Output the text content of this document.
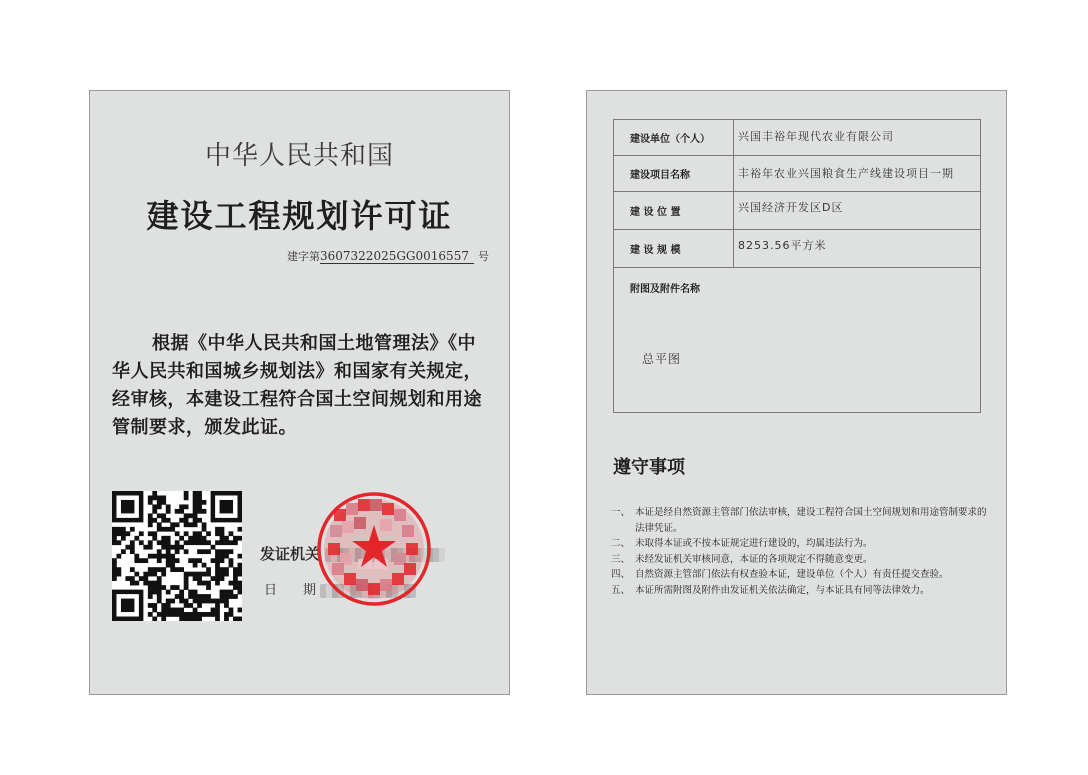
中华人民共和国
建设工程规划许可证
建字第3607322025GG0016557 号
根据《中华人民共和国土地管理法》《中华人民共和国城乡规划法》和国家有关规定，经审核，本建设工程符合国土空间规划和用途管制要求，颁发此证。
发证机关
日　　期
建设单位（个人）	兴国丰裕年现代农业有限公司
建设项目名称	丰裕年农业兴国粮食生产线建设项目一期
建 设 位 置	兴国经济开发区D区
建 设 规 模	8253.56平方米
附图及附件名称
总平图
遵守事项
一、 本证是经自然资源主管部门依法审核，建设工程符合国土空间规划和用途管制要求的法律凭证。
二、 未取得本证或不按本证规定进行建设的，均属违法行为。
三、 未经发证机关审核同意，本证的各项规定不得随意变更。
四、 自然资源主管部门依法有权查验本证，建设单位（个人）有责任提交查验。
五、 本证所需附图及附件由发证机关依法确定，与本证具有同等法律效力。
